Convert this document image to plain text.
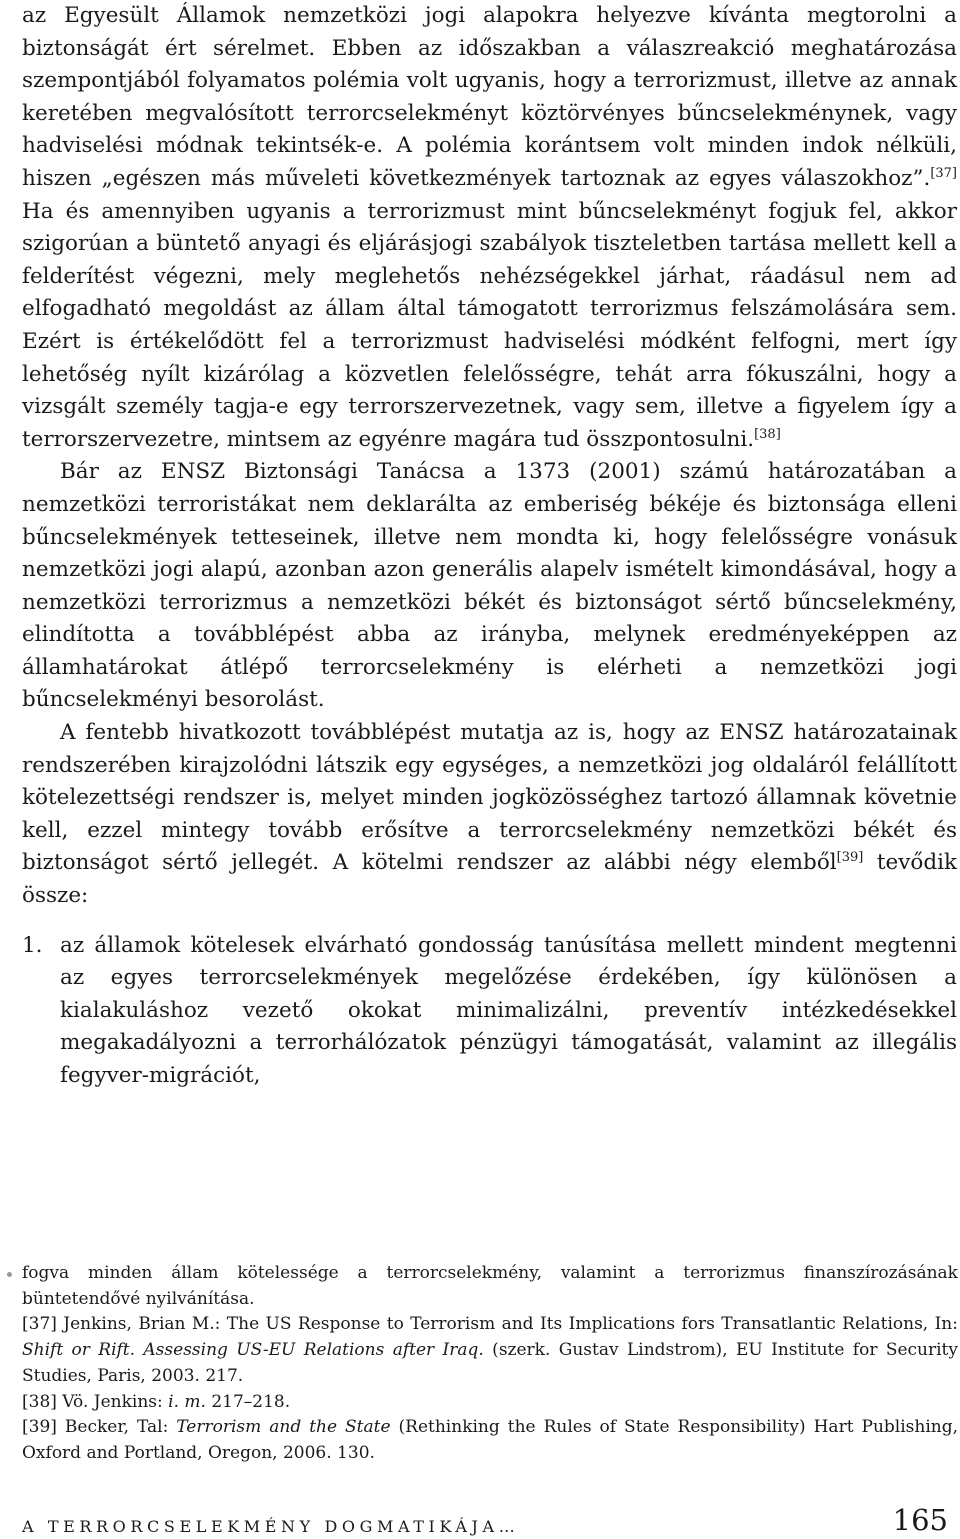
az Egyesült Államok nemzetközi jogi alapokra helyezve kívánta megtorolni a biztonságát ért sérelmet. Ebben az időszakban a válaszreakció meghatározása szempontjából folyamatos polémia volt ugyanis, hogy a terrorizmust, illetve az annak keretében megvalósított terrorcselekményt köztörvényes bűncselekménynek, vagy hadviselési módnak tekintsék-e. A polémia korántsem volt minden indok nélküli, hiszen „egészen más műveleti következmények tartoznak az egyes válaszokhoz”.[37] Ha és amennyiben ugyanis a terrorizmust mint bűncselekményt fogjuk fel, akkor szigorúan a büntető anyagi és eljárásjogi szabályok tiszteletben tartása mellett kell a felderítést végezni, mely meglehetős nehézségekkel járhat, ráadásul nem ad elfogadható megoldást az állam által támogatott terrorizmus felszámolására sem. Ezért is értékelődött fel a terrorizmust hadviselési módként felfogni, mert így lehetőség nyílt kizárólag a közvetlen felelősségre, tehát arra fókuszálni, hogy a vizsgált személy tagja-e egy terrorszervezetnek, vagy sem, illetve a figyelem így a terrorszervezetre, mintsem az egyénre magára tud összpontosulni.[38]

Bár az ENSZ Biztonsági Tanácsa a 1373 (2001) számú határozatában a nemzetközi terroristákat nem deklarálta az emberiség békéje és biztonsága elleni bűncselekmények tetteseinek, illetve nem mondta ki, hogy felelősségre vonásuk nemzetközi jogi alapú, azonban azon generális alapelv ismételt kimondásával, hogy a nemzetközi terrorizmus a nemzetközi békét és biztonságot sértő bűncselekmény, elindította a továbblépést abba az irányba, melynek eredményeképpen az államhatárokat átlépő terrorcselekmény is elérheti a nemzetközi jogi bűncselekményi besorolást.

A fentebb hivatkozott továbblépést mutatja az is, hogy az ENSZ határozatainak rendszerében kirajzolódni látszik egy egységes, a nemzetközi jog oldaláról felállított kötelezettségi rendszer is, melyet minden jogközösséghez tartozó államnak követnie kell, ezzel mintegy tovább erősítve a terrorcselekmény nemzetközi békét és biztonságot sértő jellegét. A kötelmi rendszer az alábbi négy elemből[39] tevődik össze:

1. az államok kötelesek elvárható gondosság tanúsítása mellett mindent megtenni az egyes terrorcselekmények megelőzése érdekében, így különösen a kialakuláshoz vezető okokat minimalizálni, preventív intézkedésekkel megakadályozni a terrorhálózatok pénzügyi támogatását, valamint az illegális fegyver-migrációt,

fogva minden állam kötelessége a terrorcselekmény, valamint a terrorizmus finanszírozásának büntetendővé nyilvánítása.

[37] Jenkins, Brian M.: The US Response to Terrorism and Its Implications fors Transatlantic Relations, In: Shift or Rift. Assessing US-EU Relations after Iraq. (szerk. Gustav Lindstrom), EU Institute for Security Studies, Paris, 2003. 217.

[38] Vö. Jenkins: i. m. 217–218.

[39] Becker, Tal: Terrorism and the State (Rethinking the Rules of State Responsibility) Hart Publishing, Oxford and Portland, Oregon, 2006. 130.

A TERRORCSELEKMÉNY DOGMATIKÁJA…	165
